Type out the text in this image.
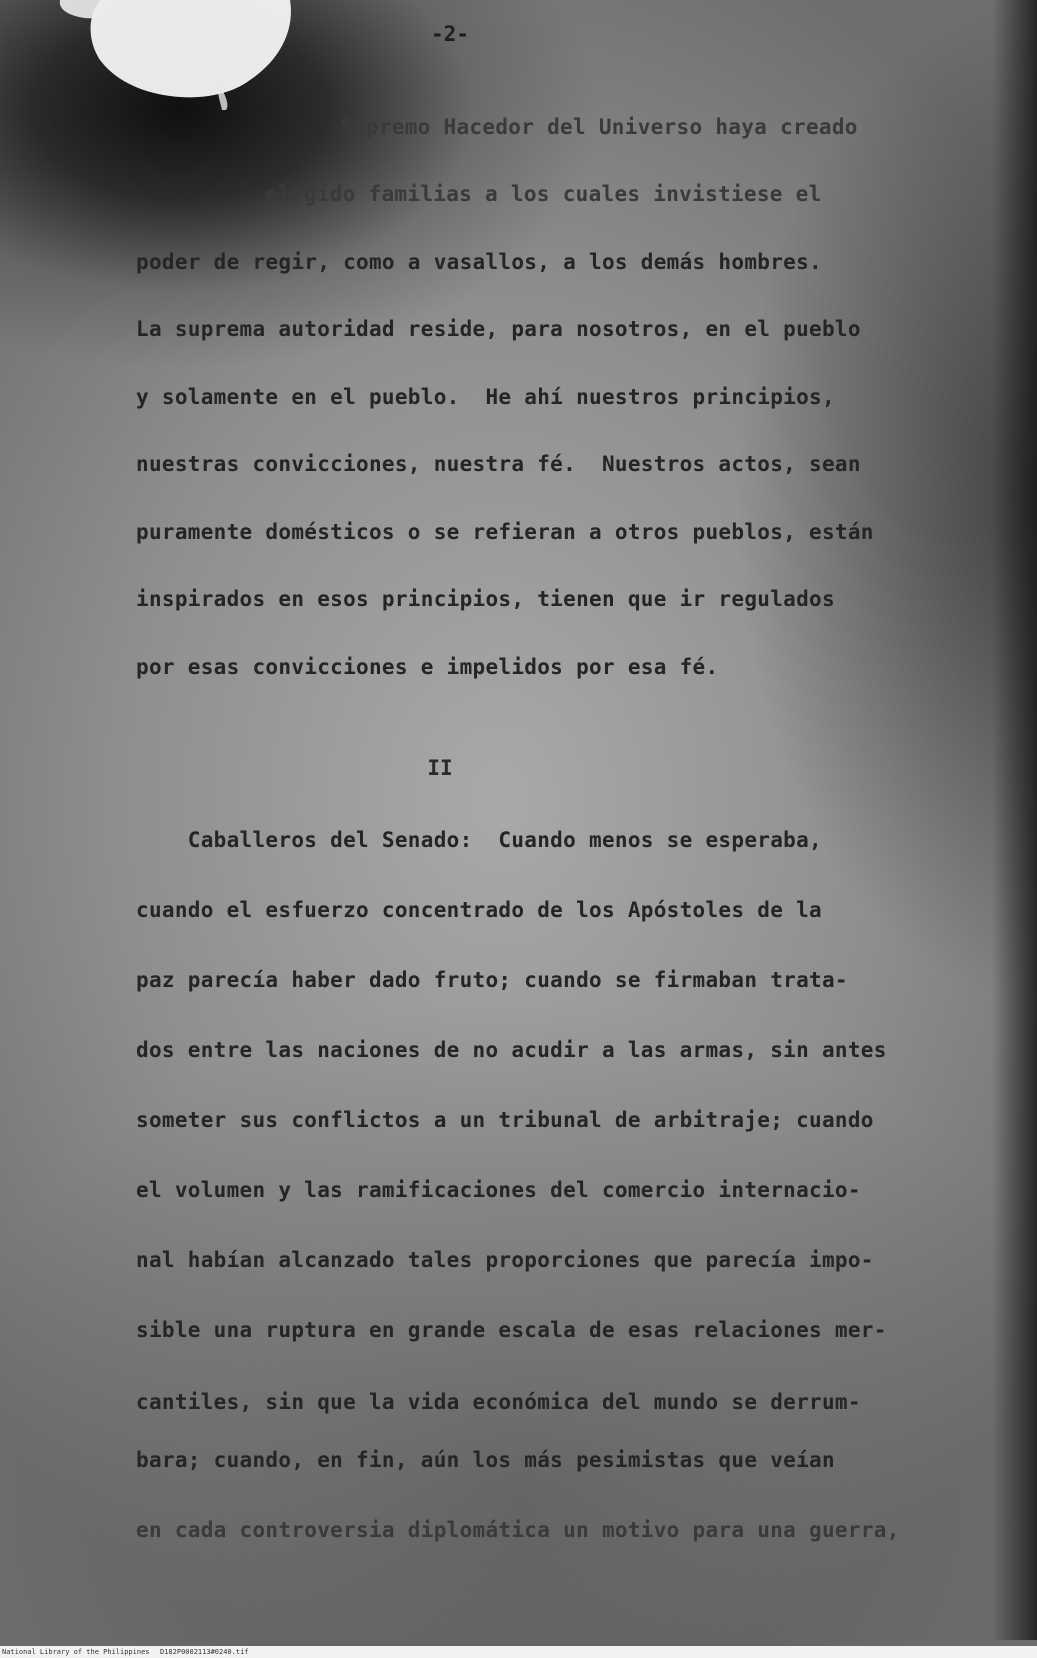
-2-
Supremo Hacedor del Universo haya creado
elegido familias a los cuales invistiese el
poder de regir, como a vasallos, a los demás hombres.
La suprema autoridad reside, para nosotros, en el pueblo
y solamente en el pueblo.  He ahí nuestros principios,
nuestras convicciones, nuestra fé.  Nuestros actos, sean
puramente domésticos o se refieran a otros pueblos, están
inspirados en esos principios, tienen que ir regulados
por esas convicciones e impelidos por esa fé.
II
Caballeros del Senado:  Cuando menos se esperaba,
cuando el esfuerzo concentrado de los Apóstoles de la
paz parecía haber dado fruto; cuando se firmaban trata-
dos entre las naciones de no acudir a las armas, sin antes
someter sus conflictos a un tribunal de arbitraje; cuando
el volumen y las ramificaciones del comercio internacio-
nal habían alcanzado tales proporciones que parecía impo-
sible una ruptura en grande escala de esas relaciones mer-
cantiles, sin que la vida económica del mundo se derrum-
bara; cuando, en fin, aún los más pesimistas que veían
en cada controversia diplomática un motivo para una guerra,

National Library of the Philippines

D182P0002113#0240.tif
